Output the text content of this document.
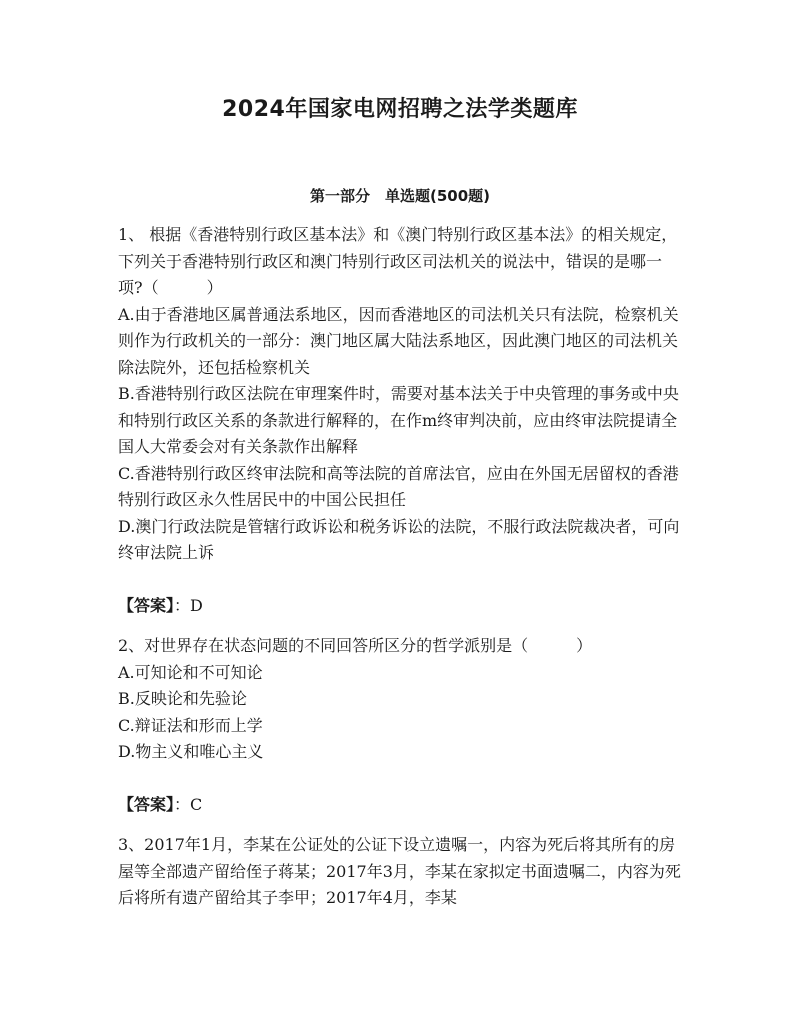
2024年国家电网招聘之法学类题库
第一部分　单选题(500题)

1、 根据《香港特别行政区基本法》和《澳门特别行政区基本法》的相关规定，下列关于香港特别行政区和澳门特别行政区司法机关的说法中，错误的是哪一项?（　　　）

A.由于香港地区属普通法系地区，因而香港地区的司法机关只有法院，检察机关则作为行政机关的一部分：澳门地区属大陆法系地区，因此澳门地区的司法机关除法院外，还包括检察机关

B.香港特别行政区法院在审理案件时，需要对基本法关于中央管理的事务或中央和特别行政区关系的条款进行解释的，在作m终审判决前，应由终审法院提请全国人大常委会对有关条款作出解释

C.香港特别行政区终审法院和高等法院的首席法官，应由在外国无居留权的香港特别行政区永久性居民中的中国公民担任

D.澳门行政法院是管辖行政诉讼和税务诉讼的法院，不服行政法院裁决者，可向终审法院上诉

【答案】：D

2、对世界存在状态问题的不同回答所区分的哲学派别是（　　　）

A.可知论和不可知论

B.反映论和先验论

C.辩证法和形而上学

D.物主义和唯心主义

【答案】：C

3、2017年1月，李某在公证处的公证下设立遗嘱一，内容为死后将其所有的房屋等全部遗产留给侄子蒋某；2017年3月，李某在家拟定书面遗嘱二，内容为死后将所有遗产留给其子李甲；2017年4月，李某
